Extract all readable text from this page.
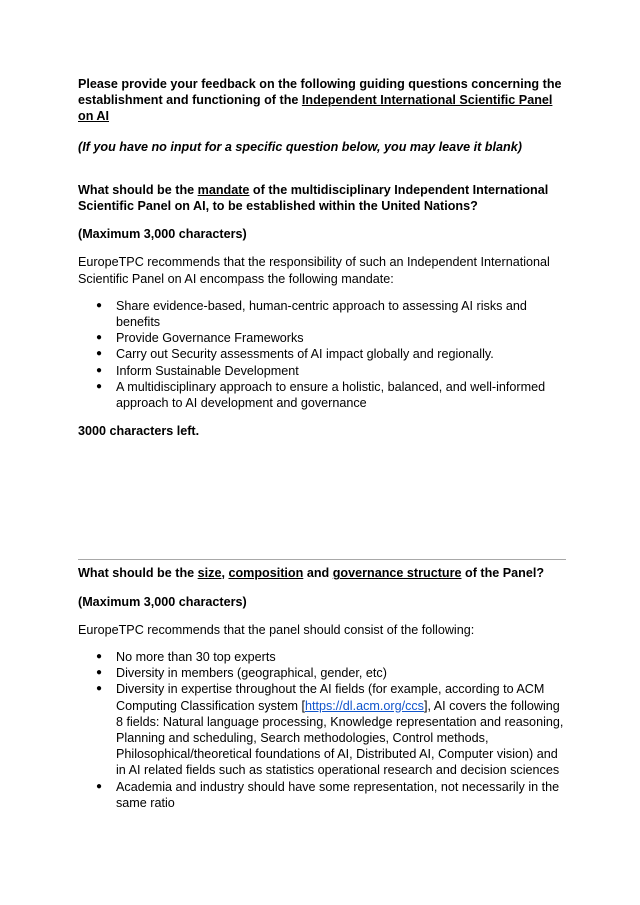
Please provide your feedback on the following guiding questions concerning the establishment and functioning of the Independent International Scientific Panel on AI

(If you have no input for a specific question below, you may leave it blank)

What should be the mandate of the multidisciplinary Independent International Scientific Panel on AI, to be established within the United Nations?

(Maximum 3,000 characters)

EuropeTPC recommends that the responsibility of such an Independent International Scientific Panel on AI encompass the following mandate:

● Share evidence-based, human-centric approach to assessing AI risks and benefits
● Provide Governance Frameworks
● Carry out Security assessments of AI impact globally and regionally.
● Inform Sustainable Development
● A multidisciplinary approach to ensure a holistic, balanced, and well-informed approach to AI development and governance

3000 characters left.

What should be the size, composition and governance structure of the Panel?

(Maximum 3,000 characters)

EuropeTPC recommends that the panel should consist of the following:

● No more than 30 top experts
● Diversity in members (geographical, gender, etc)
● Diversity in expertise throughout the AI fields (for example, according to ACM Computing Classification system [https://dl.acm.org/ccs], AI covers the following 8 fields: Natural language processing, Knowledge representation and reasoning, Planning and scheduling, Search methodologies, Control methods, Philosophical/theoretical foundations of AI, Distributed AI, Computer vision) and in AI related fields such as statistics operational research and decision sciences
● Academia and industry should have some representation, not necessarily in the same ratio
